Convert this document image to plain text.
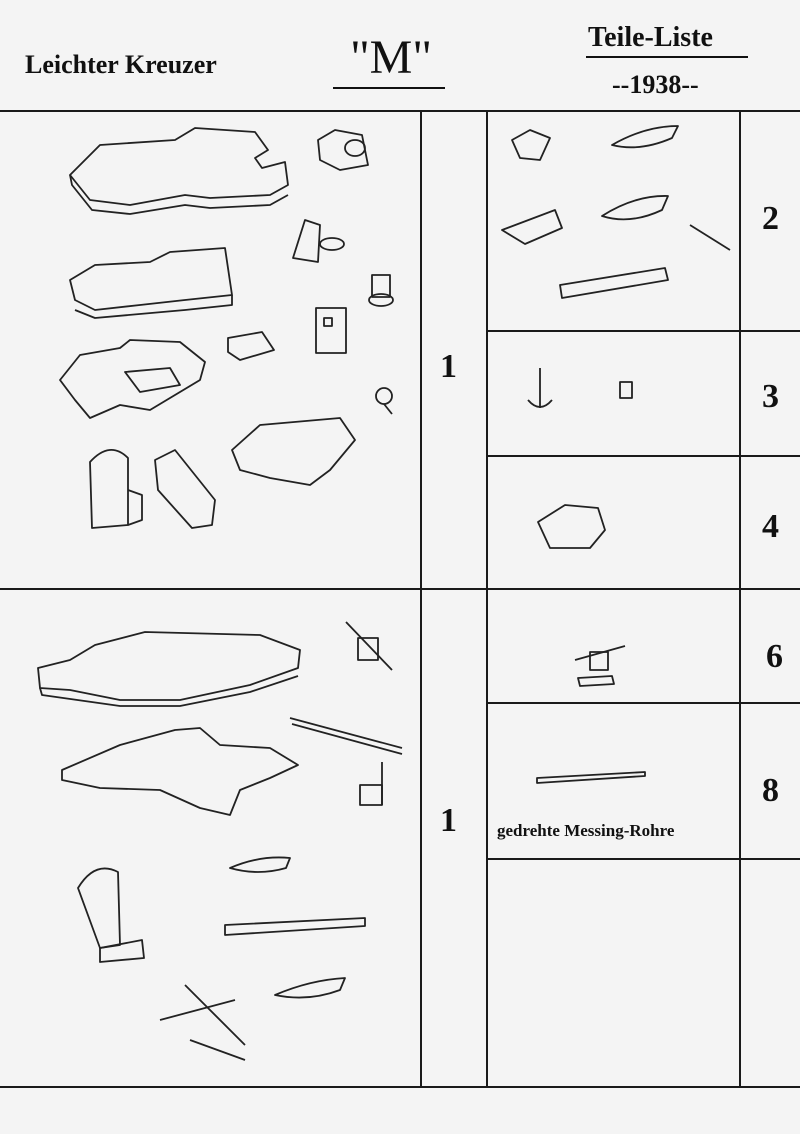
Leichter Kreuzer	"M"	Teile-Liste
--1938--
1
1
2
3
4
6
8
gedrehte Messing-Rohre
